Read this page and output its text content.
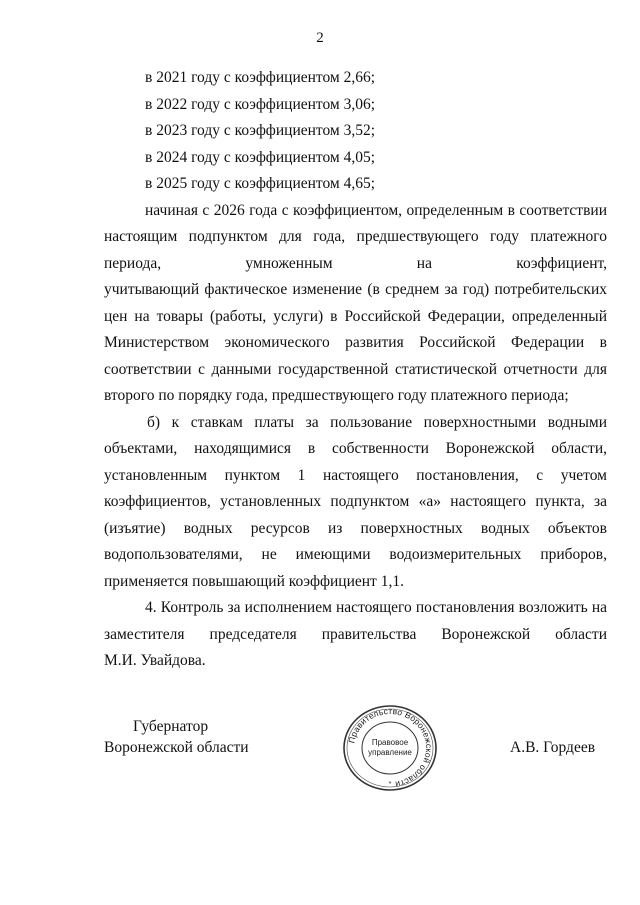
2
в 2021 году с коэффициентом 2,66;
в 2022 году с коэффициентом 3,06;
в 2023 году с коэффициентом 3,52;
в 2024 году с коэффициентом 4,05;
в 2025 году с коэффициентом 4,65;
начиная с 2026 года с коэффициентом, определенным в соответствии
настоящим подпунктом для года, предшествующего году платежного
периода, умноженным на коэффициент,
учитывающий фактическое изменение (в среднем за год) потребительских
цен на товары (работы, услуги) в Российской Федерации, определенный
Министерством экономического развития Российской Федерации в
соответствии с данными государственной статистической отчетности для
второго по порядку года, предшествующего году платежного периода;
б) к ставкам платы за пользование поверхностными водными
объектами, находящимися в собственности Воронежской области,
установленным пунктом 1 настоящего постановления, с учетом
коэффициентов, установленных подпунктом «а» настоящего пункта, за
(изъятие) водных ресурсов из поверхностных водных объектов
водопользователями, не имеющими водоизмерительных приборов,
применяется повышающий коэффициент 1,1.
4. Контроль за исполнением настоящего постановления возложить на
заместителя председателя правительства Воронежской области
М.И. Увайдова.
Губернатор
Воронежской области	А.В. Гордеев
Правительство Воронежской области
Правовое
управление
*
